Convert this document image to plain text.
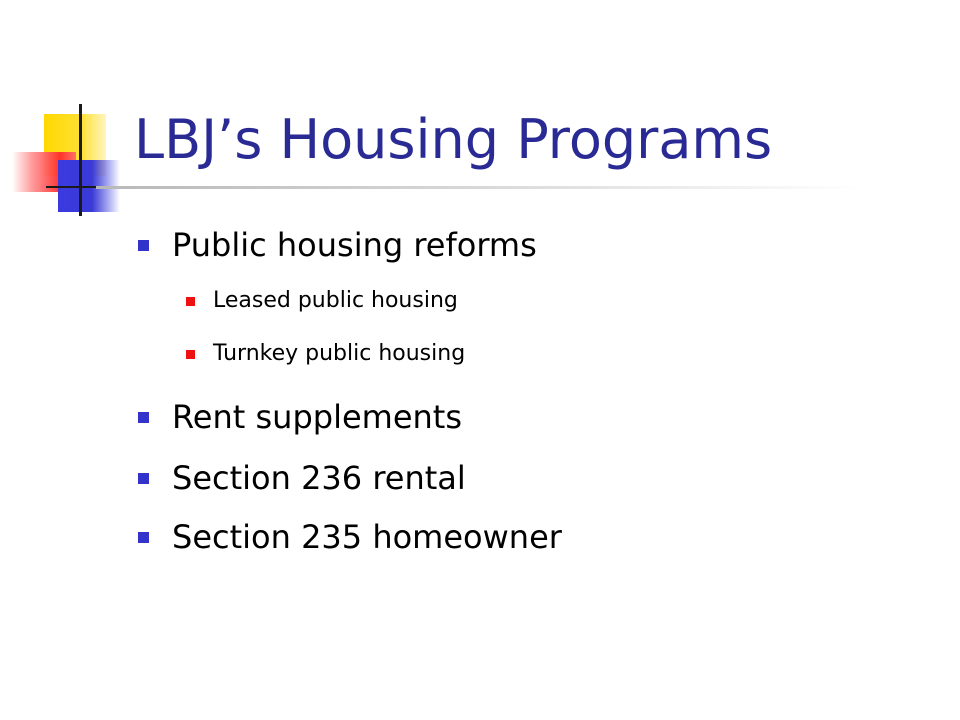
LBJ’s Housing Programs
Public housing reforms
Leased public housing
Turnkey public housing
Rent supplements
Section 236 rental
Section 235 homeowner
